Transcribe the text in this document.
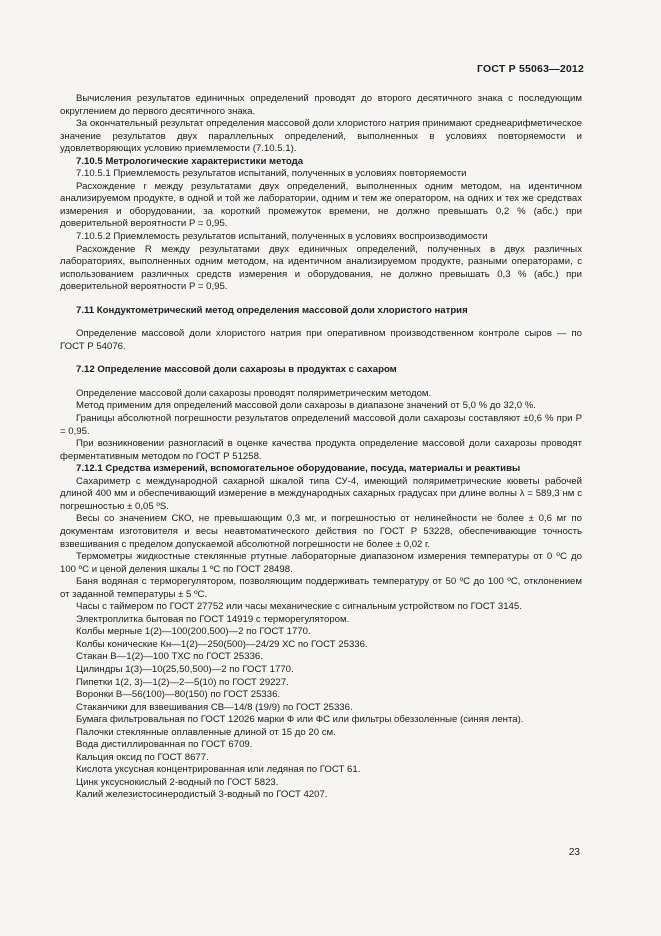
ГОСТ Р 55063—2012

Вычисления результатов единичных определений проводят до второго десятичного знака с последующим округлением до первого десятичного знака.

За окончательный результат определения массовой доли хлористого натрия принимают среднеарифметическое значение результатов двух параллельных определений, выполненных в условиях повторяемости и удовлетворяющих условию приемлемости (7.10.5.1).

7.10.5 Метрологические характеристики метода

7.10.5.1 Приемлемость результатов испытаний, полученных в условиях повторяемости

Расхождение r между результатами двух определений, выполненных одним методом, на идентичном анализируемом продукте, в одной и той же лаборатории, одним и тем же оператором, на одних и тех же средствах измерения и оборудовании, за короткий промежуток времени, не должно превышать 0,2 % (абс.) при доверительной вероятности P = 0,95.

7.10.5.2 Приемлемость результатов испытаний, полученных в условиях воспроизводимости

Расхождение R между результатами двух единичных определений, полученных в двух различных лабораториях, выполненных одним методом, на идентичном анализируемом продукте, разными операторами, с использованием различных средств измерения и оборудования, не должно превышать 0,3 % (абс.) при доверительной вероятности P = 0,95.

7.11 Кондуктометрический метод определения массовой доли хлористого натрия

Определение массовой доли хлористого натрия при оперативном производственном контроле сыров — по ГОСТ Р 54076.

7.12 Определение массовой доли сахарозы в продуктах с сахаром

Определение массовой доли сахарозы проводят поляриметрическим методом.

Метод применим для определений массовой доли сахарозы в диапазоне значений от 5,0 % до 32,0 %.

Границы абсолютной погрешности результатов определений массовой доли сахарозы составляют ±0,6 % при P = 0,95.

При возникновении разногласий в оценке качества продукта определение массовой доли сахарозы проводят ферментативным методом по ГОСТ Р 51258.

7.12.1 Средства измерений, вспомогательное оборудование, посуда, материалы и реактивы

Сахариметр с международной сахарной шкалой типа СУ-4, имеющий поляриметрические кюветы рабочей длиной 400 мм и обеспечивающий измерение в международных сахарных градусах при длине волны λ = 589,3 нм с погрешностью ± 0,05 ºS.

Весы со значением СКО, не превышающим 0,3 мг, и погрешностью от нелинейности не более ± 0,6 мг по документам изготовителя и весы неавтоматического действия по ГОСТ Р 53228, обеспечивающие точность взвешивания с пределом допускаемой абсолютной погрешности не более ± 0,02 г.

Термометры жидкостные стеклянные ртутные лабораторные диапазоном измерения температуры от 0 ºС до 100 ºС и ценой деления шкалы 1 ºС по ГОСТ 28498.

Баня водяная с терморегулятором, позволяющим поддерживать температуру от 50 ºС до 100 ºС, отклонением от заданной температуры ± 5 ºС.

Часы с таймером по ГОСТ 27752 или часы механические с сигнальным устройством по ГОСТ 3145.

Электроплитка бытовая по ГОСТ 14919 с терморегулятором.

Колбы мерные 1(2)—100(200,500)—2 по ГОСТ 1770.

Колбы конические Кн—1(2)—250(500)—24/29 ХС по ГОСТ 25336.

Стакан В—1(2)—100 ТХС по ГОСТ 25336.

Цилиндры 1(3)—10(25,50,500)—2 по ГОСТ 1770.

Пипетки 1(2, 3)—1(2)—2—5(10) по ГОСТ 29227.

Воронки В—56(100)—80(150) по ГОСТ 25336.

Стаканчики для взвешивания СВ—14/8 (19/9) по ГОСТ 25336.

Бумага фильтровальная по ГОСТ 12026 марки Ф или ФС или фильтры обеззоленные (синяя лента).

Палочки стеклянные оплавленные длиной от 15 до 20 см.

Вода дистиллированная по ГОСТ 6709.

Кальция оксид по ГОСТ 8677.

Кислота уксусная концентрированная или ледяная по ГОСТ 61.

Цинк уксуснокислый 2-водный по ГОСТ 5823.

Калий железистосинеродистый 3-водный по ГОСТ 4207.

23
